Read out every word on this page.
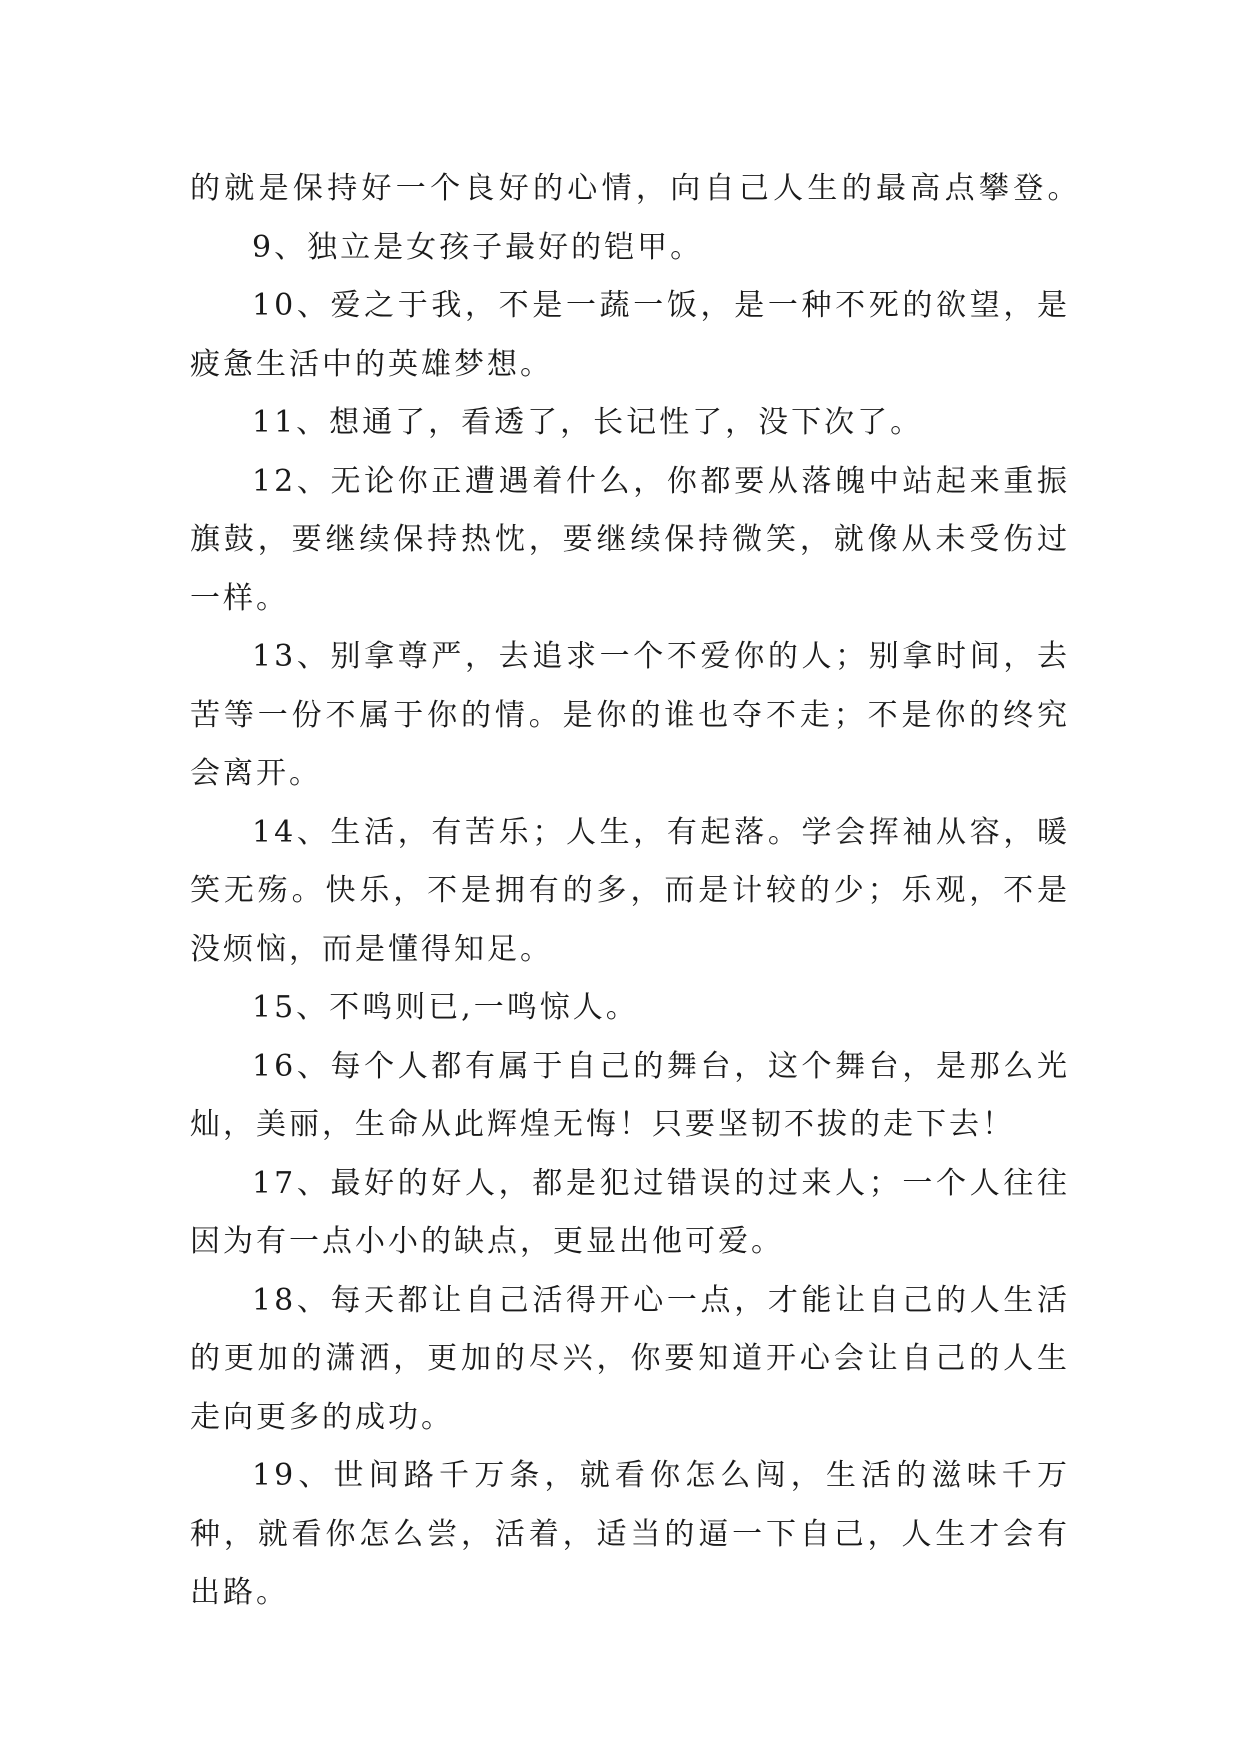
的就是保持好一个良好的心情，向自己人生的最高点攀登。

9、独立是女孩子最好的铠甲。

10、爱之于我，不是一蔬一饭，是一种不死的欲望，是疲惫生活中的英雄梦想。

11、想通了，看透了，长记性了，没下次了。

12、无论你正遭遇着什么，你都要从落魄中站起来重振旗鼓，要继续保持热忱，要继续保持微笑，就像从未受伤过一样。

13、别拿尊严，去追求一个不爱你的人；别拿时间，去苦等一份不属于你的情。是你的谁也夺不走；不是你的终究会离开。

14、生活，有苦乐；人生，有起落。学会挥袖从容，暖笑无殇。快乐，不是拥有的多，而是计较的少；乐观，不是没烦恼，而是懂得知足。

15、不鸣则已,一鸣惊人。

16、每个人都有属于自己的舞台，这个舞台，是那么光灿，美丽，生命从此辉煌无悔！只要坚韧不拔的走下去！

17、最好的好人，都是犯过错误的过来人；一个人往往因为有一点小小的缺点，更显出他可爱。

18、每天都让自己活得开心一点，才能让自己的人生活的更加的潇洒，更加的尽兴，你要知道开心会让自己的人生走向更多的成功。

19、世间路千万条，就看你怎么闯，生活的滋味千万种，就看你怎么尝，活着，适当的逼一下自己，人生才会有出路。
